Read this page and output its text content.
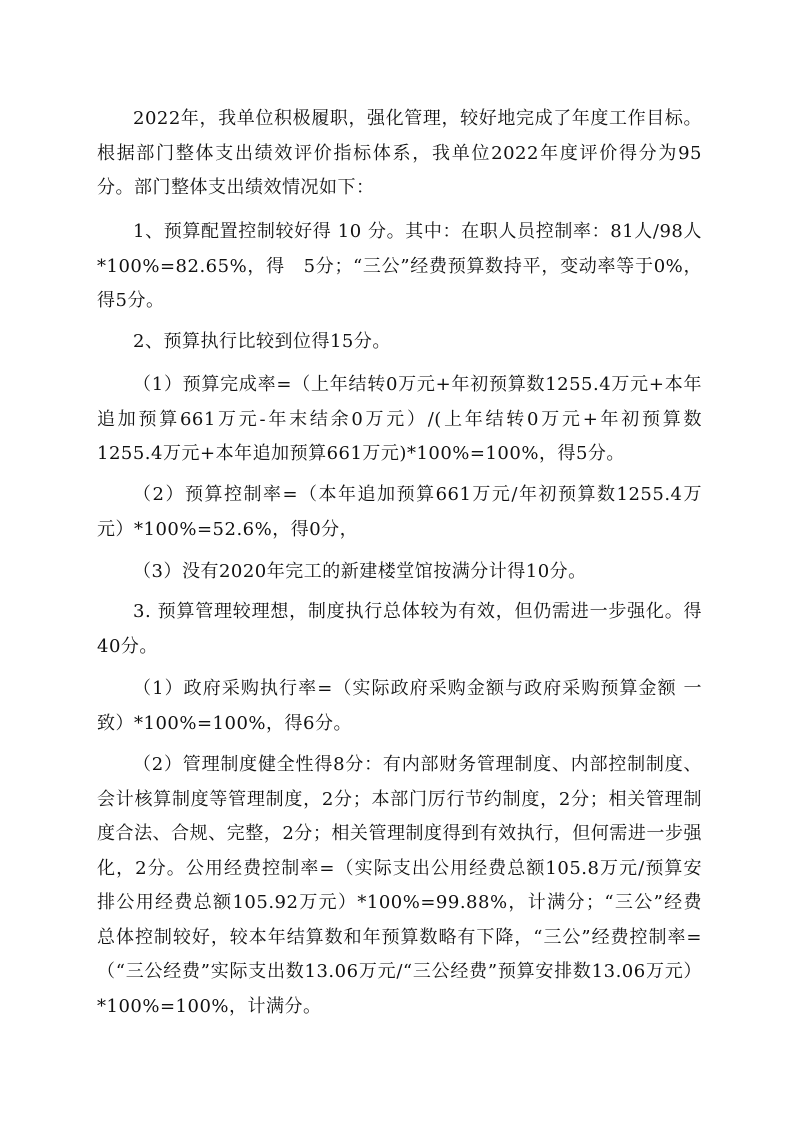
2022年，我单位积极履职，强化管理，较好地完成了年度工作目标。根据部门整体支出绩效评价指标体系，我单位2022年度评价得分为95分。部门整体支出绩效情况如下：

1、预算配置控制较好得 10 分。其中：在职人员控制率：81人/98人*100%=82.65%，得　5分；“三公”经费预算数持平，变动率等于0%，得5分。

2、预算执行比较到位得15分。

（1）预算完成率=（上年结转0万元+年初预算数1255.4万元+本年追加预算661万元-年末结余0万元）/(上年结转0万元+年初预算数1255.4万元+本年追加预算661万元)*100%=100%，得5分。

（2）预算控制率=（本年追加预算661万元/年初预算数1255.4万元）*100%=52.6%，得0分，

（3）没有2020年完工的新建楼堂馆按满分计得10分。

3. 预算管理较理想，制度执行总体较为有效，但仍需进一步强化。得40分。

（1）政府采购执行率=（实际政府采购金额与政府采购预算金额 一致）*100%=100%，得6分。

（2）管理制度健全性得8分：有内部财务管理制度、内部控制制度、会计核算制度等管理制度，2分；本部门厉行节约制度，2分；相关管理制度合法、合规、完整，2分；相关管理制度得到有效执行，但何需进一步强化，2分。公用经费控制率=（实际支出公用经费总额105.8万元/预算安排公用经费总额105.92万元）*100%=99.88%，计满分；“三公”经费总体控制较好，较本年结算数和年预算数略有下降，“三公”经费控制率=（“三公经费”实际支出数13.06万元/“三公经费”预算安排数13.06万元）*100%=100%，计满分。
